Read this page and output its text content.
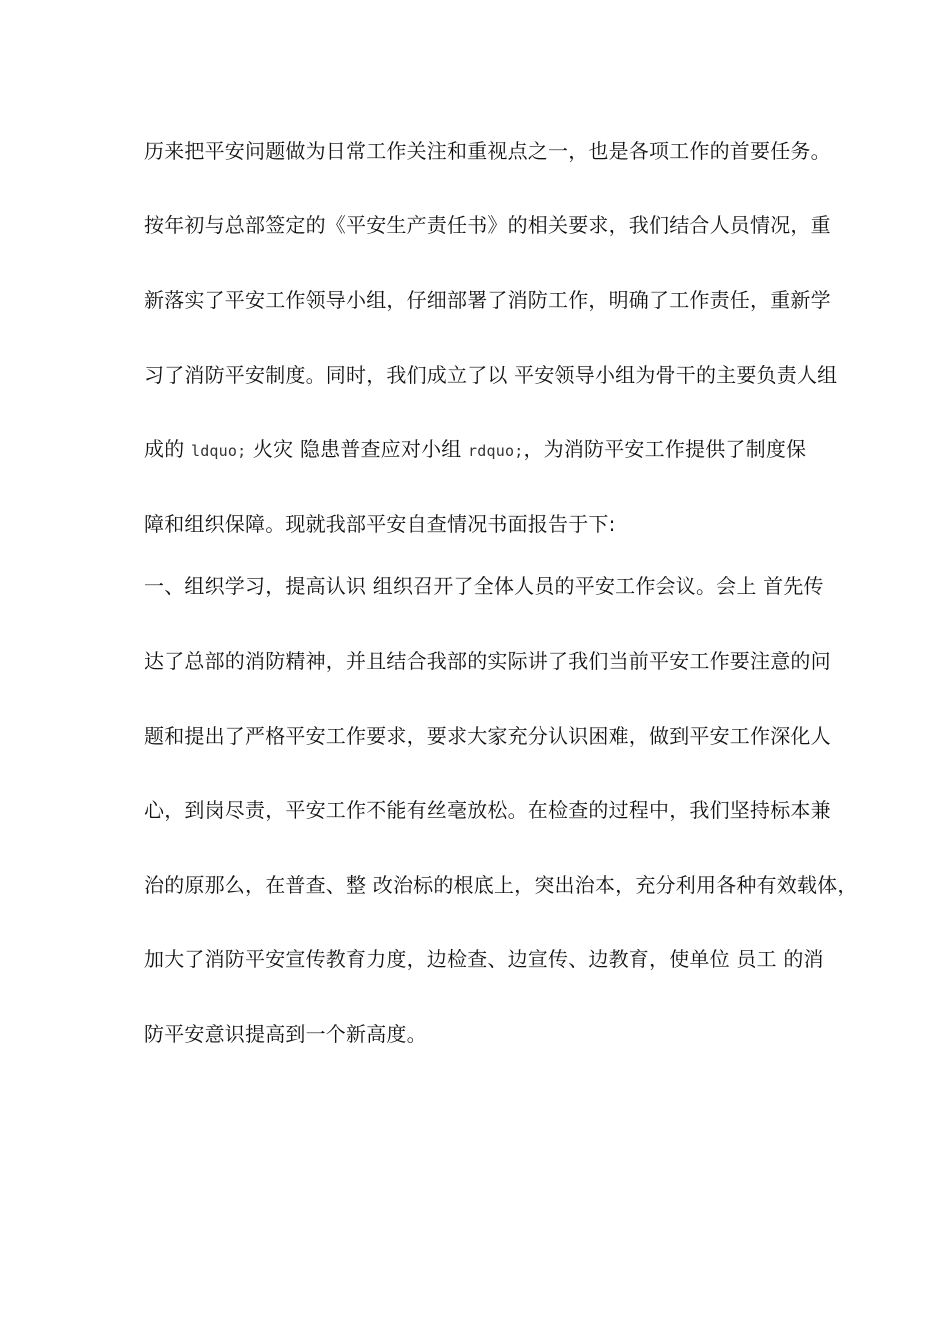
历来把平安问题做为日常工作关注和重视点之一，也是各项工作的首要任务。
按年初与总部签定的《平安生产责任书》的相关要求，我们结合人员情况，重
新落实了平安工作领导小组，仔细部署了消防工作，明确了工作责任，重新学
习了消防平安制度。同时，我们成立了以 平安领导小组为骨干的主要负责人组
成的 ldquo; 火灾 隐患普查应对小组 rdquo;，为消防平安工作提供了制度保
障和组织保障。现就我部平安自查情况书面报告于下:
一、组织学习，提高认识 组织召开了全体人员的平安工作会议。会上 首先传
达了总部的消防精神，并且结合我部的实际讲了我们当前平安工作要注意的问
题和提出了严格平安工作要求，要求大家充分认识困难，做到平安工作深化人
心，到岗尽责，平安工作不能有丝毫放松。在检查的过程中，我们坚持标本兼
治的原那么，在普查、整 改治标的根底上，突出治本，充分利用各种有效载体，
加大了消防平安宣传教育力度，边检查、边宣传、边教育，使单位 员工 的消
防平安意识提高到一个新高度。
